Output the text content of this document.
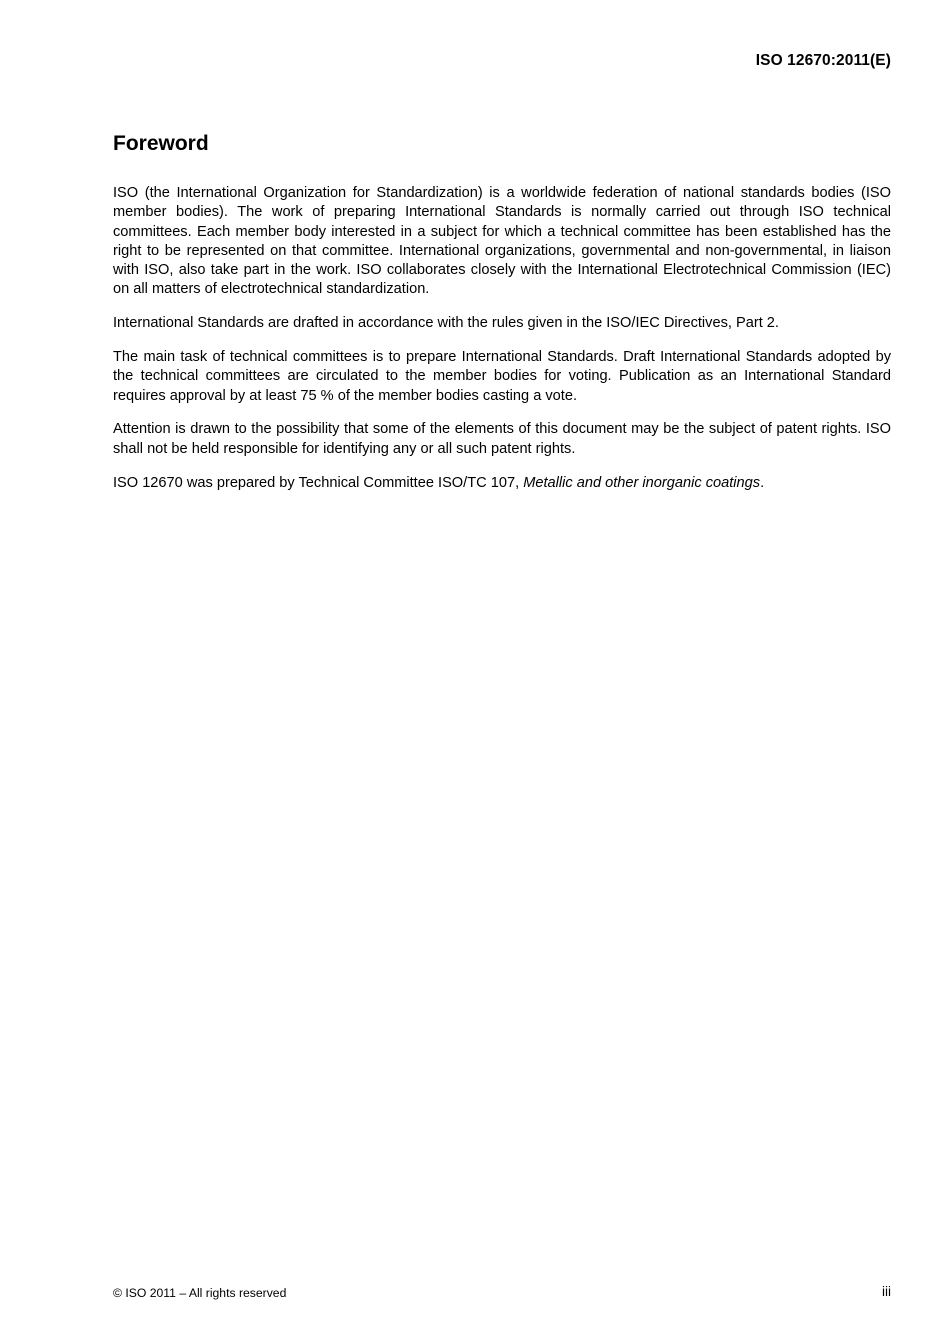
ISO 12670:2011(E)
Foreword

ISO (the International Organization for Standardization) is a worldwide federation of national standards bodies (ISO member bodies). The work of preparing International Standards is normally carried out through ISO technical committees. Each member body interested in a subject for which a technical committee has been established has the right to be represented on that committee. International organizations, governmental and non-governmental, in liaison with ISO, also take part in the work. ISO collaborates closely with the International Electrotechnical Commission (IEC) on all matters of electrotechnical standardization.

International Standards are drafted in accordance with the rules given in the ISO/IEC Directives, Part 2.

The main task of technical committees is to prepare International Standards. Draft International Standards adopted by the technical committees are circulated to the member bodies for voting. Publication as an International Standard requires approval by at least 75 % of the member bodies casting a vote.

Attention is drawn to the possibility that some of the elements of this document may be the subject of patent rights. ISO shall not be held responsible for identifying any or all such patent rights.

ISO 12670 was prepared by Technical Committee ISO/TC 107, Metallic and other inorganic coatings.

© ISO 2011 – All rights reserved	iii
